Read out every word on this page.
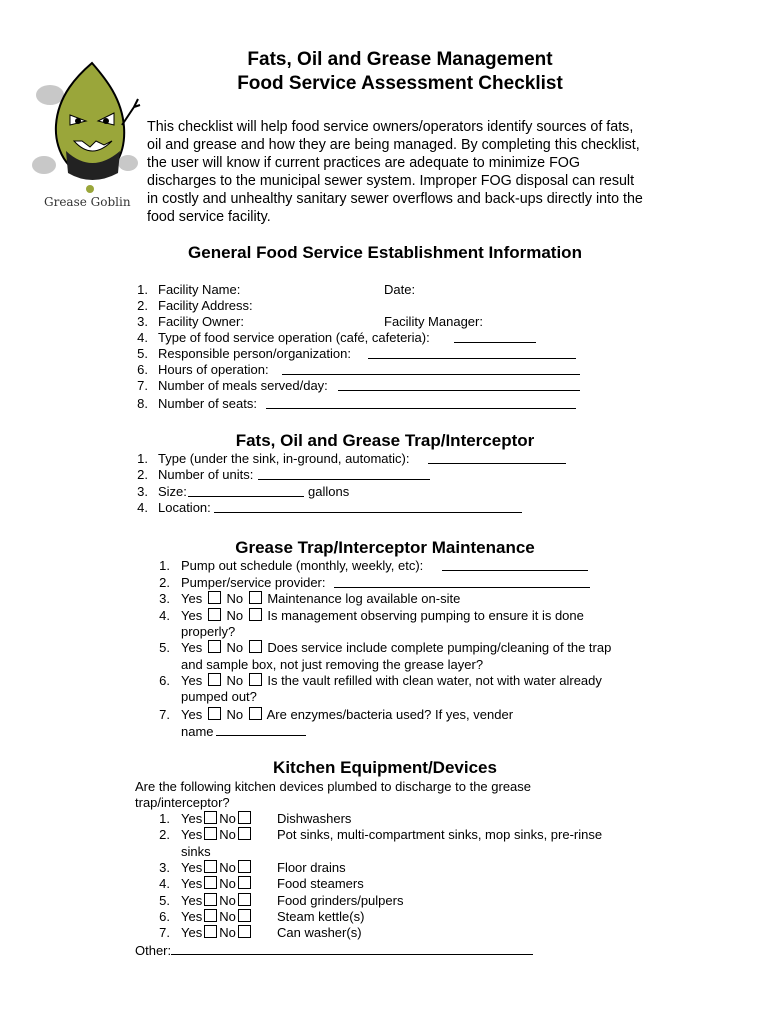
Grease Goblin
Fats, Oil and Grease Management
Food Service Assessment Checklist
This checklist will help food service owners/operators identify sources of fats, oil and grease and how they are being managed. By completing this checklist, the user will know if current practices are adequate to minimize FOG discharges to the municipal sewer system. Improper FOG disposal can result in costly and unhealthy sanitary sewer overflows and back-ups directly into the food service facility.
General Food Service Establishment Information
1. Facility Name:	Date:
2. Facility Address:
3. Facility Owner:	Facility Manager:
4. Type of food service operation (café, cafeteria):
5. Responsible person/organization:
6. Hours of operation:
7. Number of meals served/day:
8. Number of seats:
Fats, Oil and Grease Trap/Interceptor
1. Type (under the sink, in-ground, automatic):
2. Number of units:
3. Size:	gallons
4. Location:
Grease Trap/Interceptor Maintenance
1. Pump out schedule (monthly, weekly, etc):
2. Pumper/service provider:
3. Yes No Maintenance log available on-site
4. Yes No Is management observing pumping to ensure it is done
properly?
5. Yes No Does service include complete pumping/cleaning of the trap
and sample box, not just removing the grease layer?
6. Yes No Is the vault refilled with clean water, not with water already
pumped out?
7. Yes No Are enzymes/bacteria used? If yes, vender
name
Kitchen Equipment/Devices
Are the following kitchen devices plumbed to discharge to the grease
trap/interceptor?
1. Yes No	Dishwashers
2. Yes No	Pot sinks, multi-compartment sinks, mop sinks, pre-rinse
sinks
3. Yes No	Floor drains
4. Yes No	Food steamers
5. Yes No	Food grinders/pulpers
6. Yes No	Steam kettle(s)
7. Yes No	Can washer(s)
Other:
